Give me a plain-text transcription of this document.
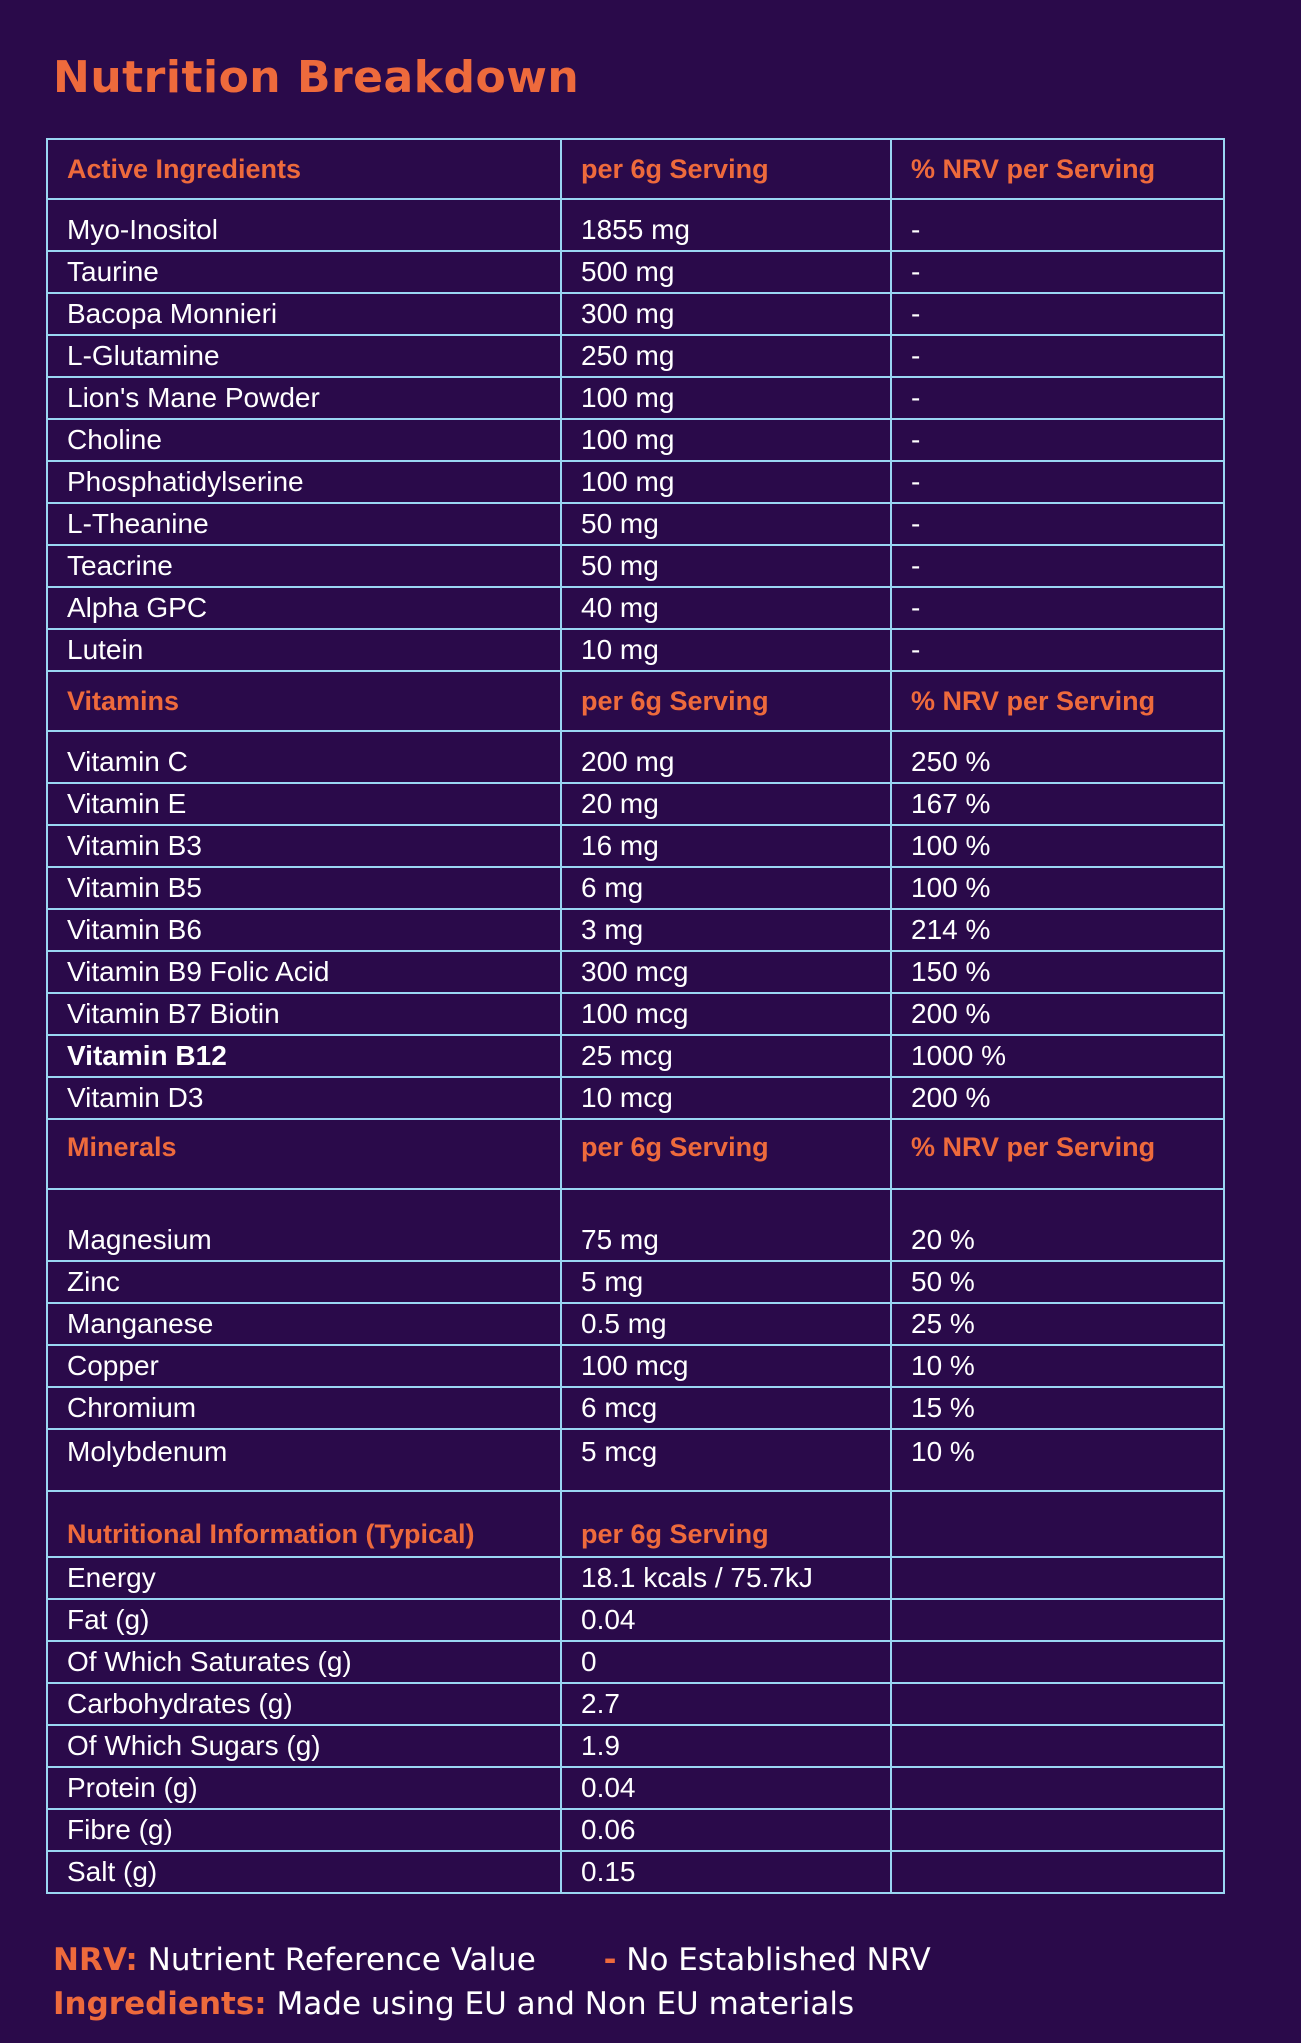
Nutrition Breakdown
Active Ingredients	per 6g Serving	% NRV per Serving
Myo-Inositol	1855 mg	-
Taurine	500 mg	-
Bacopa Monnieri	300 mg	-
L-Glutamine	250 mg	-
Lion's Mane Powder	100 mg	-
Choline	100 mg	-
Phosphatidylserine	100 mg	-
L-Theanine	50 mg	-
Teacrine	50 mg	-
Alpha GPC	40 mg	-
Lutein	10 mg	-
Vitamins	per 6g Serving	% NRV per Serving
Vitamin C	200 mg	250 %
Vitamin E	20 mg	167 %
Vitamin B3	16 mg	100 %
Vitamin B5	6 mg	100 %
Vitamin B6	3 mg	214 %
Vitamin B9 Folic Acid	300 mcg	150 %
Vitamin B7 Biotin	100 mcg	200 %
Vitamin B12	25 mcg	1000 %
Vitamin D3	10 mcg	200 %
Minerals	per 6g Serving	% NRV per Serving
Magnesium	75 mg	20 %
Zinc	5 mg	50 %
Manganese	0.5 mg	25 %
Copper	100 mcg	10 %
Chromium	6 mcg	15 %
Molybdenum	5 mcg	10 %
Nutritional Information (Typical)	per 6g Serving	
Energy	18.1 kcals / 75.7kJ	
Fat (g)	0.04	
Of Which Saturates (g)	0	
Carbohydrates (g)	2.7	
Of Which Sugars (g)	1.9	
Protein (g)	0.04	
Fibre (g)	0.06	
Salt (g)	0.15	
NRV: Nutrient Reference Value - No Established NRV
Ingredients: Made using EU and Non EU materials
